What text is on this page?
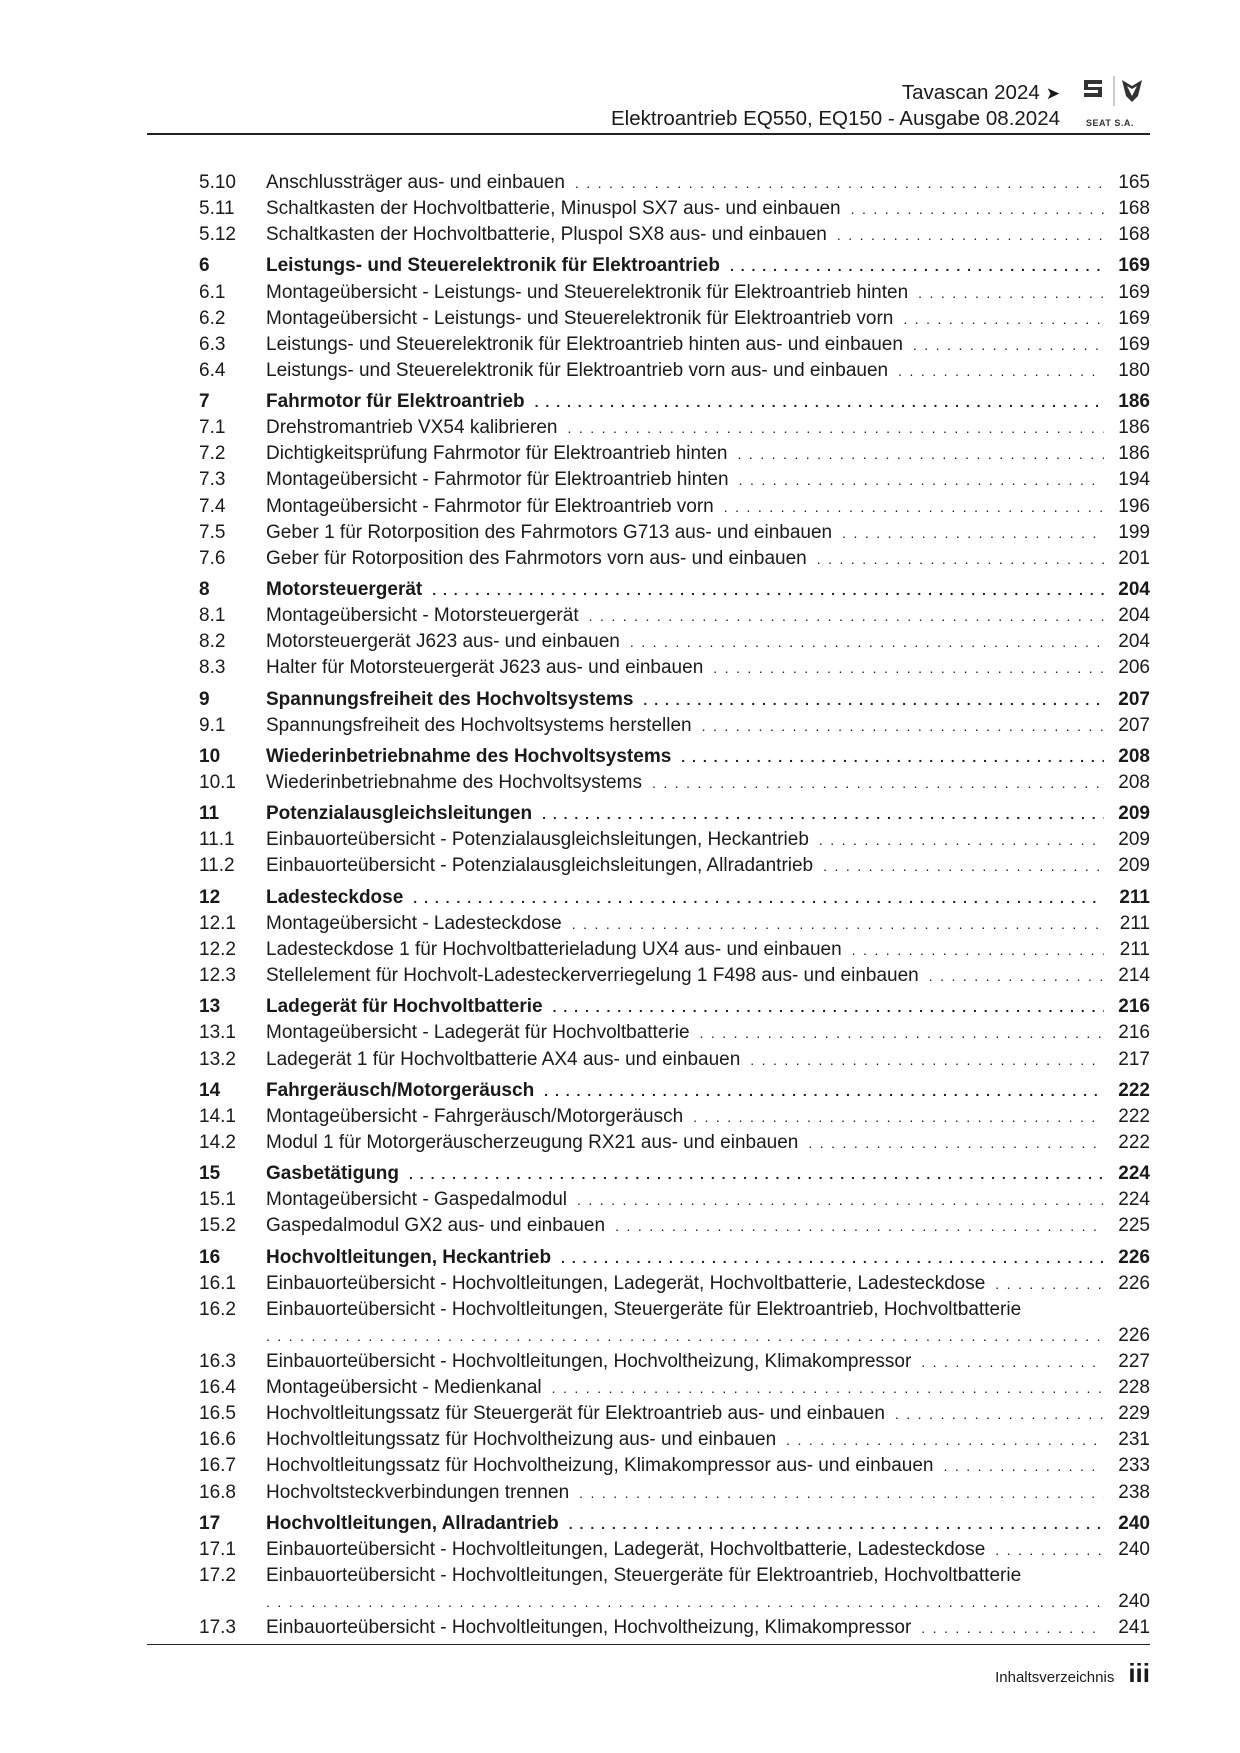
Tavascan 2024 ➤
Elektroantrieb EQ550, EQ150 - Ausgabe 08.2024	SEAT S.A.
5.10	Anschlussträger aus- und einbauen . . .	165
5.11	Schaltkasten der Hochvoltbatterie, Minuspol SX7 aus- und einbauen . . .	168
5.12	Schaltkasten der Hochvoltbatterie, Pluspol SX8 aus- und einbauen . . .	168
6	Leistungs- und Steuerelektronik für Elektroantrieb . . .	169
6.1	Montageübersicht - Leistungs- und Steuerelektronik für Elektroantrieb hinten . . .	169
6.2	Montageübersicht - Leistungs- und Steuerelektronik für Elektroantrieb vorn . . .	169
6.3	Leistungs- und Steuerelektronik für Elektroantrieb hinten aus- und einbauen . . .	169
6.4	Leistungs- und Steuerelektronik für Elektroantrieb vorn aus- und einbauen . . .	180
7	Fahrmotor für Elektroantrieb . . .	186
7.1	Drehstromantrieb VX54 kalibrieren . . .	186
7.2	Dichtigkeitsprüfung Fahrmotor für Elektroantrieb hinten . . .	186
7.3	Montageübersicht - Fahrmotor für Elektroantrieb hinten . . .	194
7.4	Montageübersicht - Fahrmotor für Elektroantrieb vorn . . .	196
7.5	Geber 1 für Rotorposition des Fahrmotors G713 aus- und einbauen . . .	199
7.6	Geber für Rotorposition des Fahrmotors vorn aus- und einbauen . . .	201
8	Motorsteuergerät . . .	204
8.1	Montageübersicht - Motorsteuergerät . . .	204
8.2	Motorsteuergerät J623 aus- und einbauen . . .	204
8.3	Halter für Motorsteuergerät J623 aus- und einbauen . . .	206
9	Spannungsfreiheit des Hochvoltsystems . . .	207
9.1	Spannungsfreiheit des Hochvoltsystems herstellen . . .	207
10	Wiederinbetriebnahme des Hochvoltsystems . . .	208
10.1	Wiederinbetriebnahme des Hochvoltsystems . . .	208
11	Potenzialausgleichsleitungen . . .	209
11.1	Einbauorteübersicht - Potenzialausgleichsleitungen, Heckantrieb . . .	209
11.2	Einbauorteübersicht - Potenzialausgleichsleitungen, Allradantrieb . . .	209
12	Ladesteckdose . . .	211
12.1	Montageübersicht - Ladesteckdose . . .	211
12.2	Ladesteckdose 1 für Hochvoltbatterieladung UX4 aus- und einbauen . . .	211
12.3	Stellelement für Hochvolt-Ladesteckerverriegelung 1 F498 aus- und einbauen . . .	214
13	Ladegerät für Hochvoltbatterie . . .	216
13.1	Montageübersicht - Ladegerät für Hochvoltbatterie . . .	216
13.2	Ladegerät 1 für Hochvoltbatterie AX4 aus- und einbauen . . .	217
14	Fahrgeräusch/Motorgeräusch . . .	222
14.1	Montageübersicht - Fahrgeräusch/Motorgeräusch . . .	222
14.2	Modul 1 für Motorgeräuscherzeugung RX21 aus- und einbauen . . .	222
15	Gasbetätigung . . .	224
15.1	Montageübersicht - Gaspedalmodul . . .	224
15.2	Gaspedalmodul GX2 aus- und einbauen . . .	225
16	Hochvoltleitungen, Heckantrieb . . .	226
16.1	Einbauorteübersicht - Hochvoltleitungen, Ladegerät, Hochvoltbatterie, Ladesteckdose . . .	226
16.2	Einbauorteübersicht - Hochvoltleitungen, Steuergeräte für Elektroantrieb, Hochvoltbatterie
. . .
226
16.3	Einbauorteübersicht - Hochvoltleitungen, Hochvoltheizung, Klimakompressor . . .	227
16.4	Montageübersicht - Medienkanal . . .	228
16.5	Hochvoltleitungssatz für Steuergerät für Elektroantrieb aus- und einbauen . . .	229
16.6	Hochvoltleitungssatz für Hochvoltheizung aus- und einbauen . . .	231
16.7	Hochvoltleitungssatz für Hochvoltheizung, Klimakompressor aus- und einbauen . . .	233
16.8	Hochvoltsteckverbindungen trennen . . .	238
17	Hochvoltleitungen, Allradantrieb . . .	240
17.1	Einbauorteübersicht - Hochvoltleitungen, Ladegerät, Hochvoltbatterie, Ladesteckdose . . .	240
17.2	Einbauorteübersicht - Hochvoltleitungen, Steuergeräte für Elektroantrieb, Hochvoltbatterie
. . .
240
17.3	Einbauorteübersicht - Hochvoltleitungen, Hochvoltheizung, Klimakompressor . . .	241
Inhaltsverzeichnis iii
